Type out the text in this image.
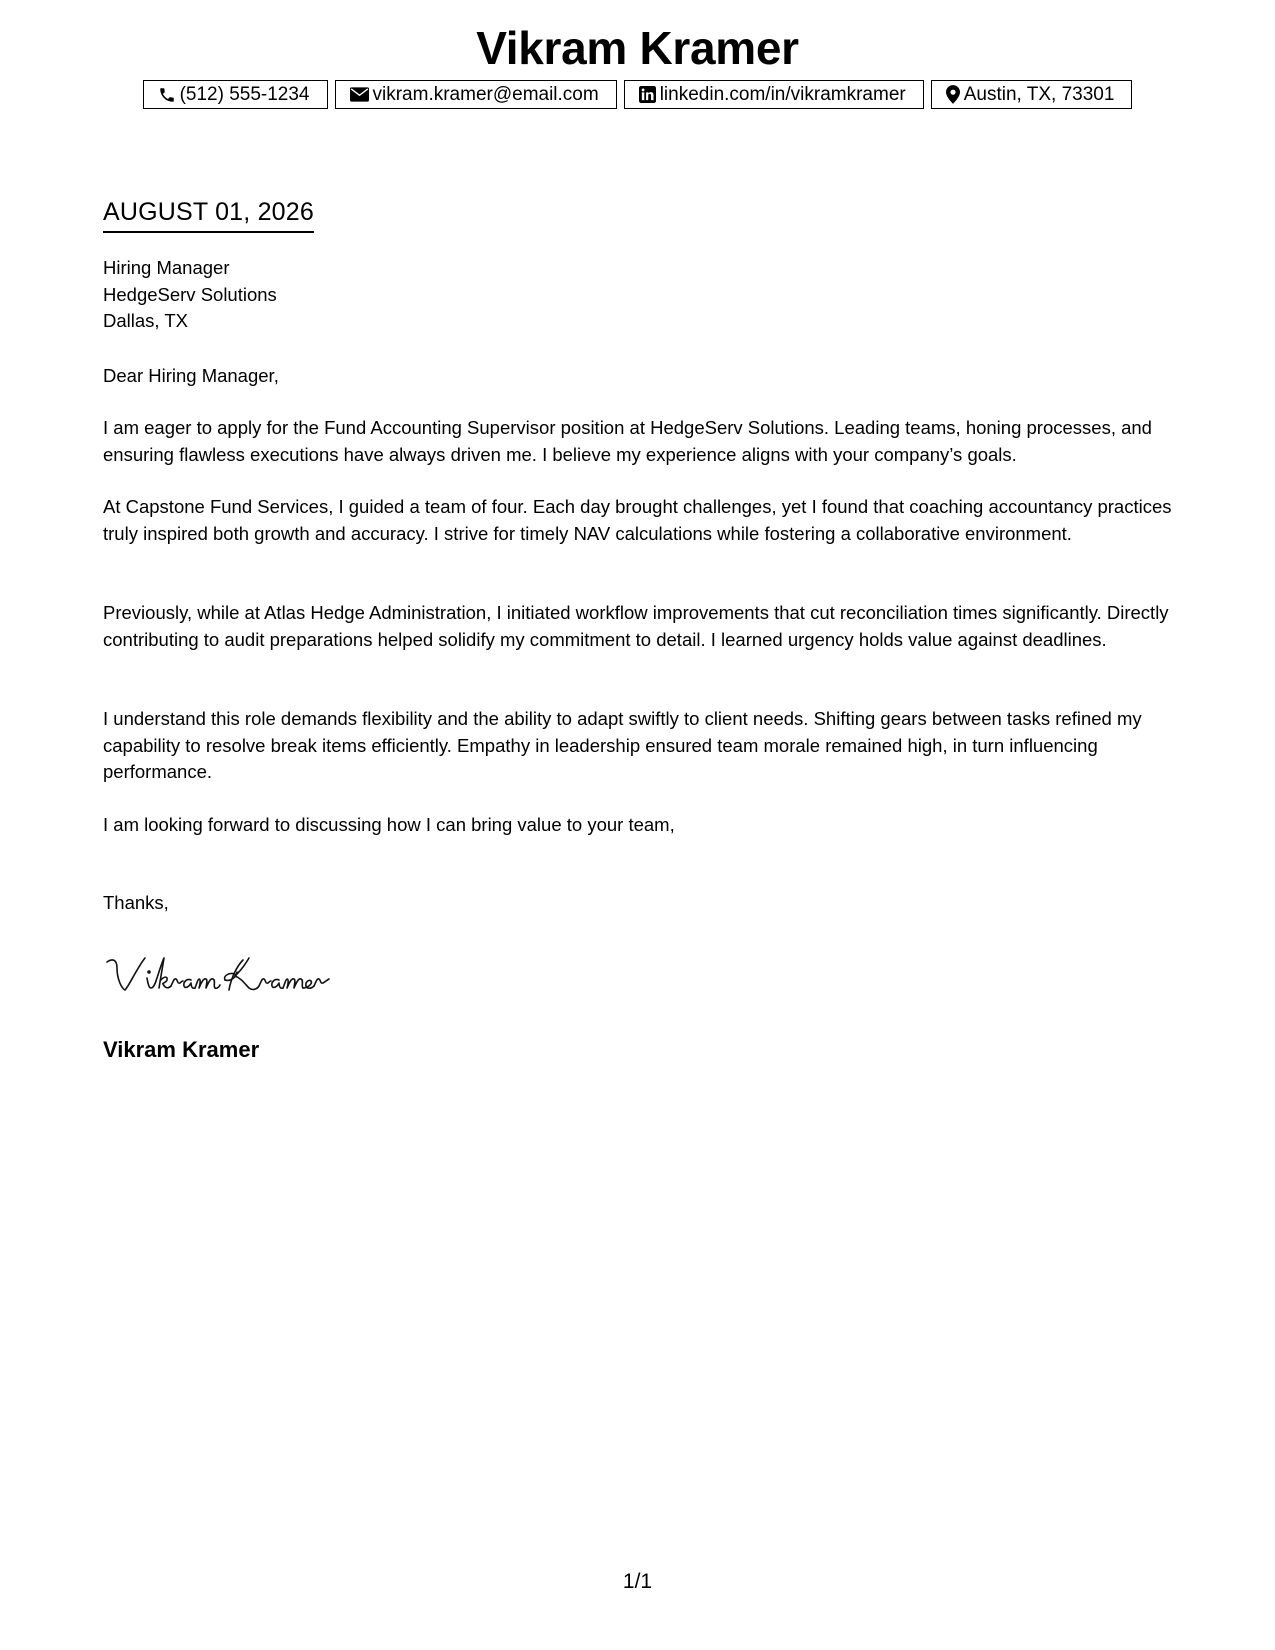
Vikram Kramer
(512) 555-1234	vikram.kramer@email.com	linkedin.com/in/vikramkramer	Austin, TX, 73301
AUGUST 01, 2026
Hiring Manager
HedgeServ Solutions
Dallas, TX
Dear Hiring Manager,

I am eager to apply for the Fund Accounting Supervisor position at HedgeServ Solutions. Leading teams, honing processes, and ensuring flawless executions have always driven me. I believe my experience aligns with your company’s goals.

At Capstone Fund Services, I guided a team of four. Each day brought challenges, yet I found that coaching accountancy practices truly inspired both growth and accuracy. I strive for timely NAV calculations while fostering a collaborative environment.

Previously, while at Atlas Hedge Administration, I initiated workflow improvements that cut reconciliation times significantly. Directly contributing to audit preparations helped solidify my commitment to detail. I learned urgency holds value against deadlines.

I understand this role demands flexibility and the ability to adapt swiftly to client needs. Shifting gears between tasks refined my capability to resolve break items efficiently. Empathy in leadership ensured team morale remained high, in turn influencing performance.

I am looking forward to discussing how I can bring value to your team,
Thanks,
Vikram Kramer
1/1
